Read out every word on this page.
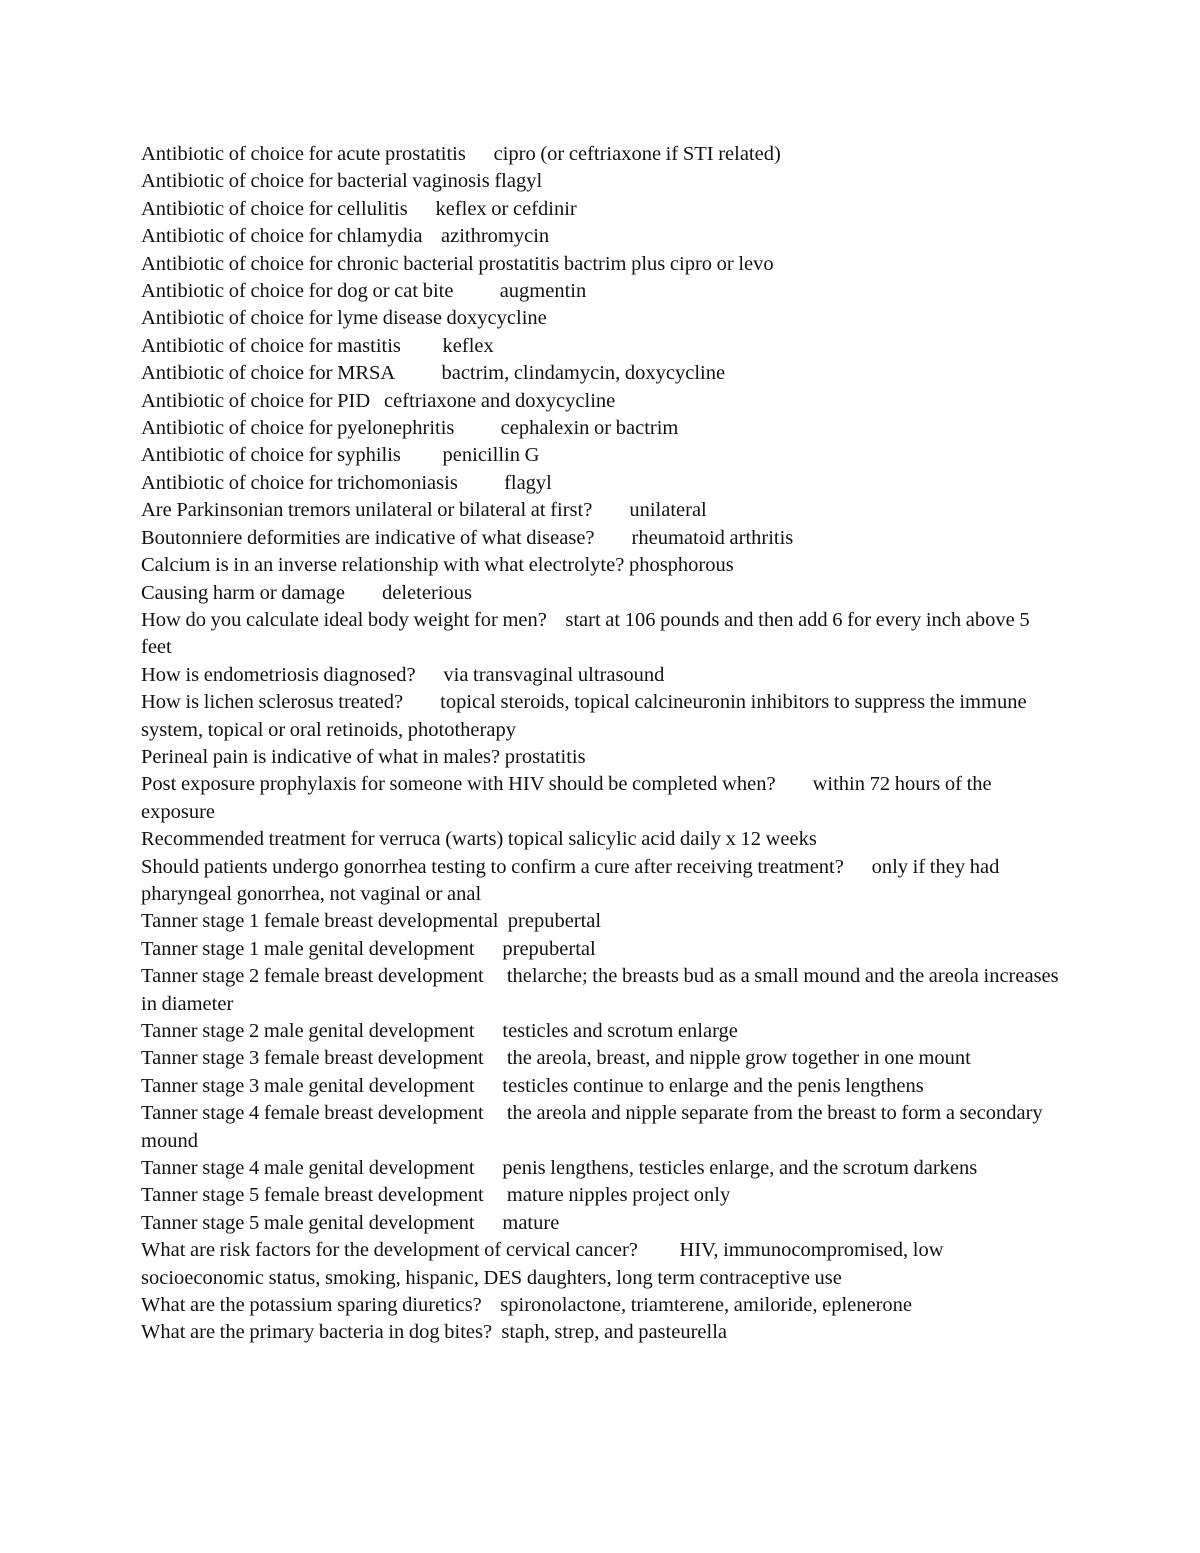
Antibiotic of choice for acute prostatitis cipro (or ceftriaxone if STI related)
Antibiotic of choice for bacterial vaginosis flagyl
Antibiotic of choice for cellulitis keflex or cefdinir
Antibiotic of choice for chlamydia azithromycin
Antibiotic of choice for chronic bacterial prostatitis bactrim plus cipro or levo
Antibiotic of choice for dog or cat bite augmentin
Antibiotic of choice for lyme disease doxycycline
Antibiotic of choice for mastitis keflex
Antibiotic of choice for MRSA bactrim, clindamycin, doxycycline
Antibiotic of choice for PID ceftriaxone and doxycycline
Antibiotic of choice for pyelonephritis cephalexin or bactrim
Antibiotic of choice for syphilis penicillin G
Antibiotic of choice for trichomoniasis flagyl
Are Parkinsonian tremors unilateral or bilateral at first? unilateral
Boutonniere deformities are indicative of what disease? rheumatoid arthritis
Calcium is in an inverse relationship with what electrolyte? phosphorous
Causing harm or damage deleterious
How do you calculate ideal body weight for men? start at 106 pounds and then add 6 for every inch above 5 feet
How is endometriosis diagnosed? via transvaginal ultrasound
How is lichen sclerosus treated? topical steroids, topical calcineuronin inhibitors to suppress the immune system, topical or oral retinoids, phototherapy
Perineal pain is indicative of what in males? prostatitis
Post exposure prophylaxis for someone with HIV should be completed when? within 72 hours of the exposure
Recommended treatment for verruca (warts) topical salicylic acid daily x 12 weeks
Should patients undergo gonorrhea testing to confirm a cure after receiving treatment? only if they had pharyngeal gonorrhea, not vaginal or anal
Tanner stage 1 female breast developmental prepubertal
Tanner stage 1 male genital development prepubertal
Tanner stage 2 female breast development thelarche; the breasts bud as a small mound and the areola increases in diameter
Tanner stage 2 male genital development testicles and scrotum enlarge
Tanner stage 3 female breast development the areola, breast, and nipple grow together in one mount
Tanner stage 3 male genital development testicles continue to enlarge and the penis lengthens
Tanner stage 4 female breast development the areola and nipple separate from the breast to form a secondary mound
Tanner stage 4 male genital development penis lengthens, testicles enlarge, and the scrotum darkens
Tanner stage 5 female breast development mature nipples project only
Tanner stage 5 male genital development mature
What are risk factors for the development of cervical cancer? HIV, immunocompromised, low socioeconomic status, smoking, hispanic, DES daughters, long term contraceptive use
What are the potassium sparing diuretics? spironolactone, triamterene, amiloride, eplenerone
What are the primary bacteria in dog bites? staph, strep, and pasteurella
